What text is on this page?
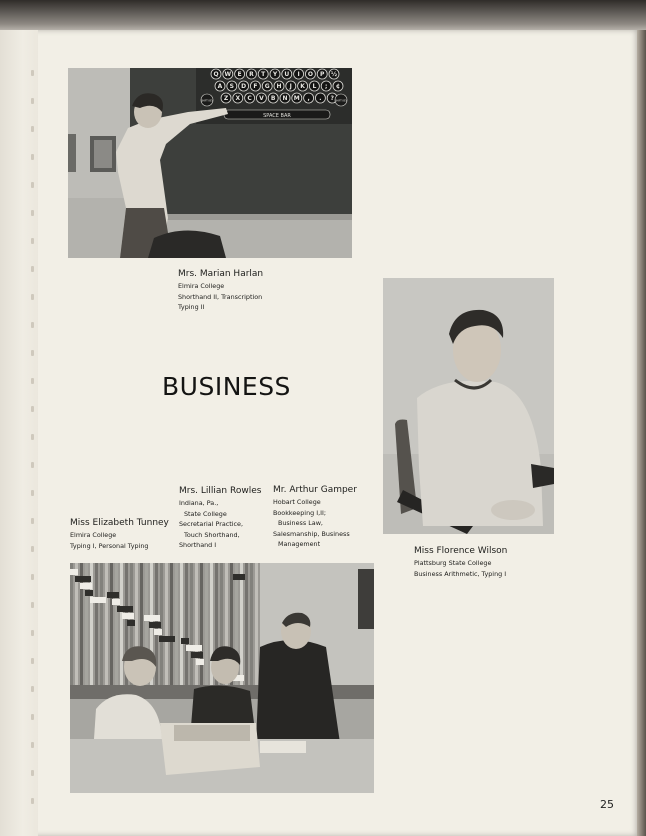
Q W E R T Y U I O P ½
A S D F G H J K L ; ¢
Z X C V B N M , . ?
SPACE BAR
SHIFT KEY	SHIFT KEY
Mrs. Marian Harlan
Elmira College
Shorthand II, Transcription
Typing II
BUSINESS
Miss Florence Wilson
Plattsburg State College
Business Arithmetic, Typing I
Miss Elizabeth Tunney
Elmira College
Typing I, Personal Typing
Mrs. Lillian Rowles
Indiana, Pa.,
State College
Secretarial Practice,
Touch Shorthand,
Shorthand I
Mr. Arthur Gamper
Hobart College
Bookkeeping I,II;
Business Law,
Salesmanship, Business
Management
25
